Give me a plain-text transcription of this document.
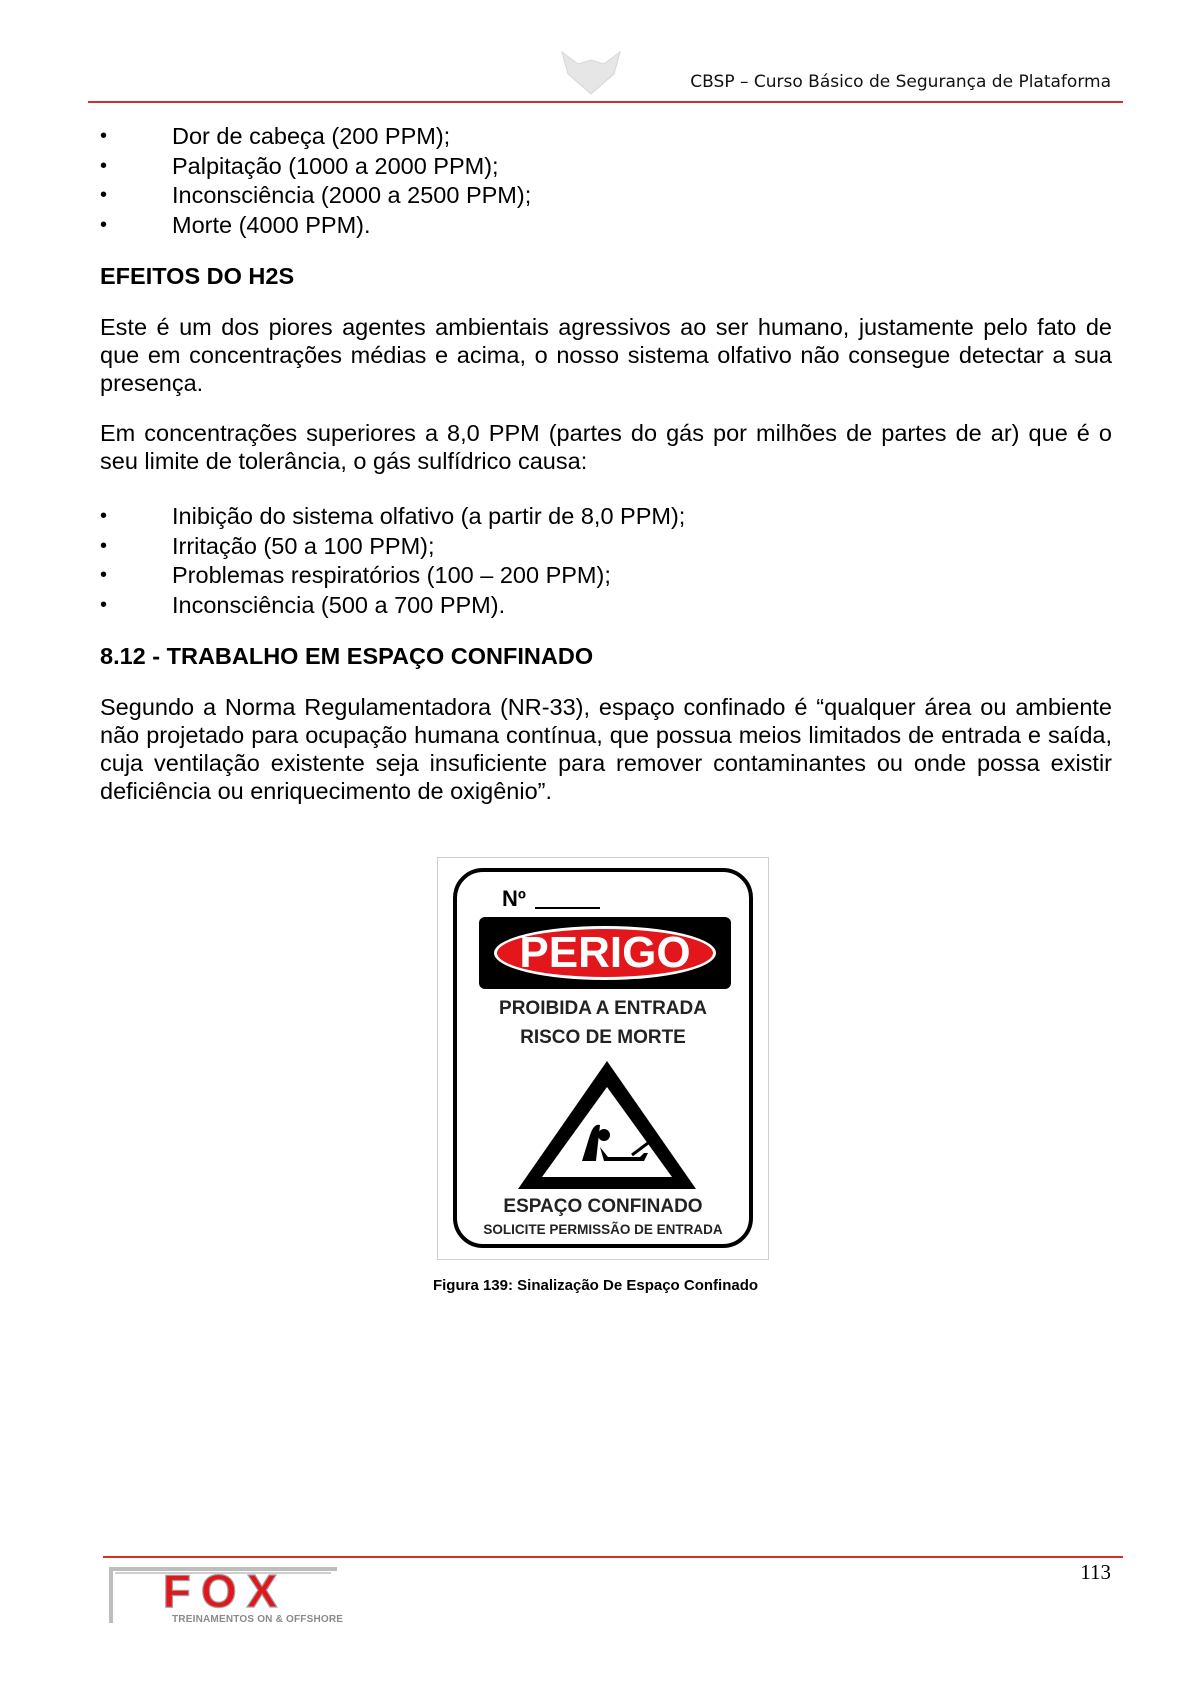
CBSP – Curso Básico de Segurança de Plataforma
•	Dor de cabeça (200 PPM);
•	Palpitação (1000 a 2000 PPM);
•	Inconsciência (2000 a 2500 PPM);
•	Morte (4000 PPM).
EFEITOS DO H2S

Este é um dos piores agentes ambientais agressivos ao ser humano, justamente pelo fato de que em concentrações médias e acima, o nosso sistema olfativo não consegue detectar a sua presença.

Em concentrações superiores a 8,0 PPM (partes do gás por milhões de partes de ar) que é o seu limite de tolerância, o gás sulfídrico causa:

•	Inibição do sistema olfativo (a partir de 8,0 PPM);
•	Irritação (50 a 100 PPM);
•	Problemas respiratórios (100 – 200 PPM);
•	Inconsciência (500 a 700 PPM).
8.12 - TRABALHO EM ESPAÇO CONFINADO

Segundo a Norma Regulamentadora (NR-33), espaço confinado é “qualquer área ou ambiente não projetado para ocupação humana contínua, que possua meios limitados de entrada e saída, cuja ventilação existente seja insuficiente para remover contaminantes ou onde possa existir deficiência ou enriquecimento de oxigênio”.

Nº
PERIGO
PROIBIDA A ENTRADA
RISCO DE MORTE
ESPAÇO CONFINADO
SOLICITE PERMISSÃO DE ENTRADA
Figura 139: Sinalização De Espaço Confinado
113
FOX
TREINAMENTOS ON & OFFSHORE
